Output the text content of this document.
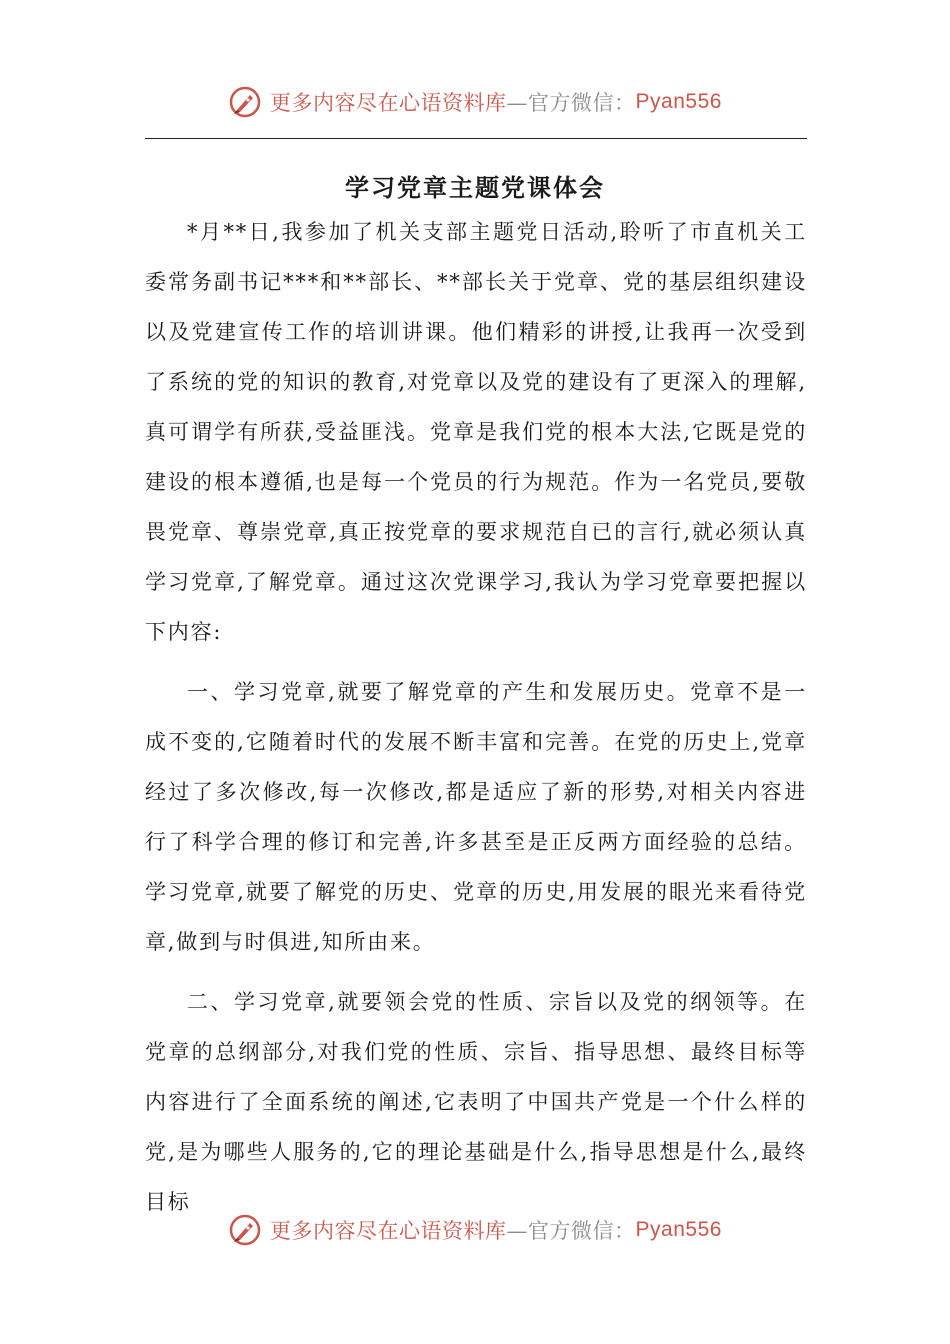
更多内容尽在心语资料库 —官方微信 ： Pyan556
学习党章主题党课体会

*月**日,我参加了机关支部主题党日活动,聆听了市直机关工委常务副书记***和**部长、**部长关于党章、党的基层组织建设以及党建宣传工作的培训讲课。他们精彩的讲授,让我再一次受到了系统的党的知识的教育,对党章以及党的建设有了更深入的理解,真可谓学有所获,受益匪浅。党章是我们党的根本大法,它既是党的建设的根本遵循,也是每一个党员的行为规范。作为一名党员,要敬畏党章、尊崇党章,真正按党章的要求规范自已的言行,就必须认真学习党章,了解党章。通过这次党课学习,我认为学习党章要把握以下内容:

一、学习党章,就要了解党章的产生和发展历史。党章不是一成不变的,它随着时代的发展不断丰富和完善。在党的历史上,党章经过了多次修改,每一次修改,都是适应了新的形势,对相关内容进行了科学合理的修订和完善,许多甚至是正反两方面经验的总结。学习党章,就要了解党的历史、党章的历史,用发展的眼光来看待党章,做到与时俱进,知所由来。

二、学习党章,就要领会党的性质、宗旨以及党的纲领等。在党章的总纲部分,对我们党的性质、宗旨、指导思想、最终目标等内容进行了全面系统的阐述,它表明了中国共产党是一个什么样的党,是为哪些人服务的,它的理论基础是什么,指导思想是什么,最终目标

更多内容尽在心语资料库 —官方微信 ： Pyan556
